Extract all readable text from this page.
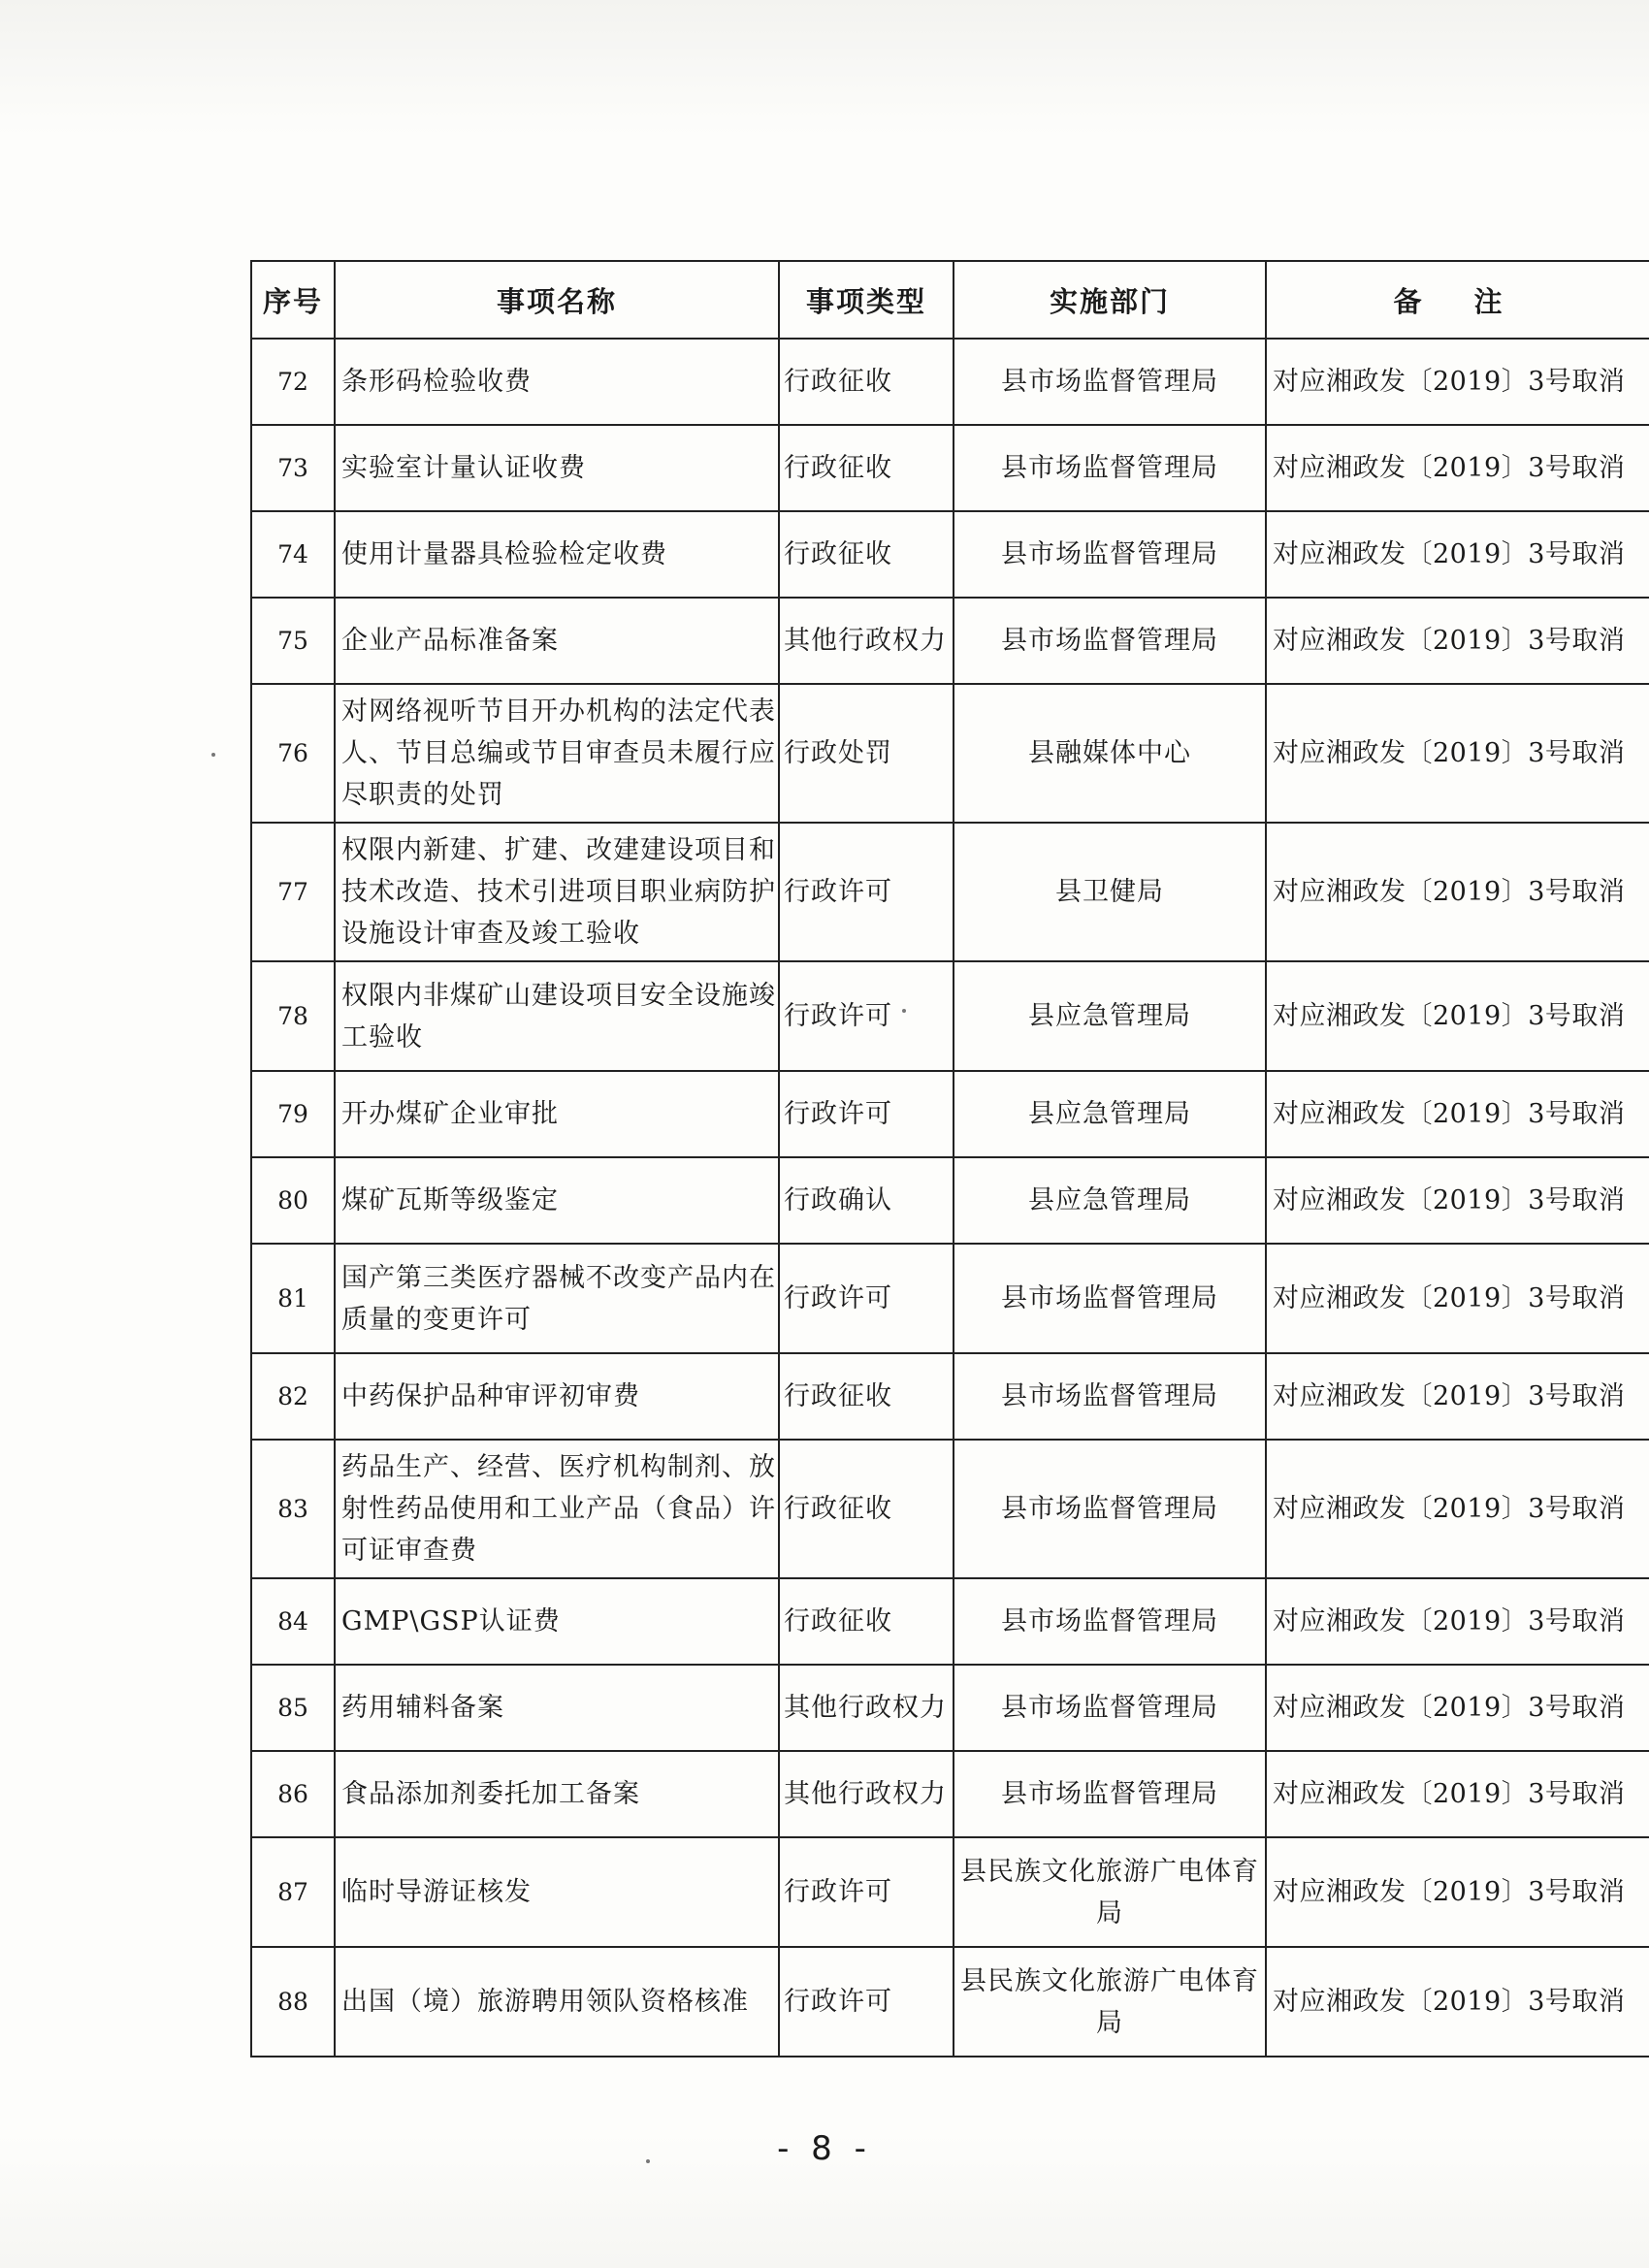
序号	事项名称	事项类型	实施部门	备 注
72	条形码检验收费	行政征收	县市场监督管理局	对应湘政发〔2019〕3号取消
73	实验室计量认证收费	行政征收	县市场监督管理局	对应湘政发〔2019〕3号取消
74	使用计量器具检验检定收费	行政征收	县市场监督管理局	对应湘政发〔2019〕3号取消
75	企业产品标准备案	其他行政权力	县市场监督管理局	对应湘政发〔2019〕3号取消
76	对网络视听节目开办机构的法定代表人、节目总编或节目审查员未履行应尽职责的处罚	行政处罚	县融媒体中心	对应湘政发〔2019〕3号取消
77	权限内新建、扩建、改建建设项目和技术改造、技术引进项目职业病防护设施设计审查及竣工验收	行政许可	县卫健局	对应湘政发〔2019〕3号取消
78	权限内非煤矿山建设项目安全设施竣工验收	行政许可	县应急管理局	对应湘政发〔2019〕3号取消
79	开办煤矿企业审批	行政许可	县应急管理局	对应湘政发〔2019〕3号取消
80	煤矿瓦斯等级鉴定	行政确认	县应急管理局	对应湘政发〔2019〕3号取消
81	国产第三类医疗器械不改变产品内在质量的变更许可	行政许可	县市场监督管理局	对应湘政发〔2019〕3号取消
82	中药保护品种审评初审费	行政征收	县市场监督管理局	对应湘政发〔2019〕3号取消
83	药品生产、经营、医疗机构制剂、放射性药品使用和工业产品（食品）许可证审查费	行政征收	县市场监督管理局	对应湘政发〔2019〕3号取消
84	GMP\GSP认证费	行政征收	县市场监督管理局	对应湘政发〔2019〕3号取消
85	药用辅料备案	其他行政权力	县市场监督管理局	对应湘政发〔2019〕3号取消
86	食品添加剂委托加工备案	其他行政权力	县市场监督管理局	对应湘政发〔2019〕3号取消
87	临时导游证核发	行政许可	县民族文化旅游广电体育局	对应湘政发〔2019〕3号取消
88	出国（境）旅游聘用领队资格核准	行政许可	县民族文化旅游广电体育局	对应湘政发〔2019〕3号取消
- 8 -
